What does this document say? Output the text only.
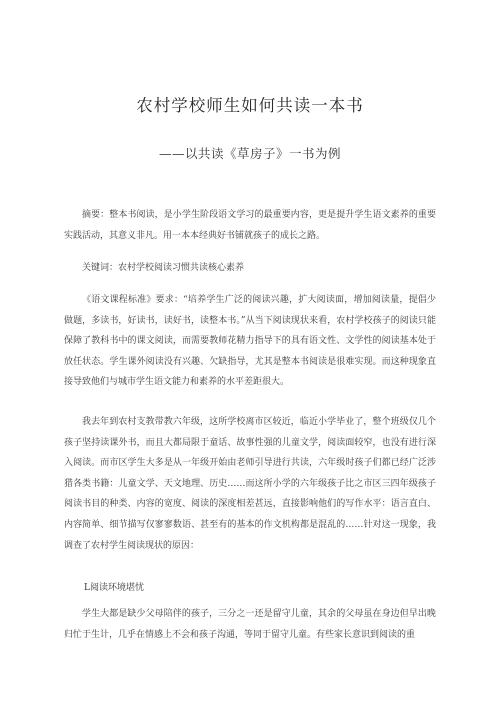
农村学校师生如何共读一本书
——以共读《草房子》一书为例
摘要：整本书阅读，是小学生阶段语文学习的最重要内容，更是提升学生语文素养的重要实践活动，其意义非凡。用一本本经典好书铺就孩子的成长之路。
关键词：农村学校阅读习惯共读核心素养
《语文课程标准》要求：“培养学生广泛的阅读兴趣，扩大阅读面，增加阅读量，提倡少做题，多读书，好读书，读好书，读整本书。”从当下阅读现状来看，农村学校孩子的阅读只能保障了教科书中的课文阅读，而需要教师花精力指导下的具有语文性、文学性的阅读基本处于放任状态。学生课外阅读没有兴趣、欠缺指导，尤其是整本书阅读是很难实现。而这种现象直接导致他们与城市学生语文能力和素养的水平差距很大。
我去年到农村支教带教六年级，这所学校离市区较近，临近小学毕业了，整个班级仅几个孩子坚持读课外书，而且大都局限于童话、故事性强的儿童文学，阅读面较窄，也没有进行深入阅读。而市区学生大多是从一年级开始由老师引导进行共读，六年级时孩子们都已经广泛涉猎各类书籍：儿童文学、天文地理、历史……而这所小学的六年级孩子比之市区三四年级孩子阅读书目的种类、内容的宽度、阅读的深度相差甚远，直接影响他们的写作水平：语言直白、内容简单、细节描写仅寥寥数语、甚至有的基本的作文机构都是混乱的……针对这一现象，我调查了农村学生阅读现状的原因：
L阅读环境堪忧
学生大都是缺少父母陪伴的孩子，三分之一还是留守儿童，其余的父母虽在身边但早出晚归忙于生计，几乎在情感上不会和孩子沟通，等同于留守儿童。有些家长意识到阅读的重
